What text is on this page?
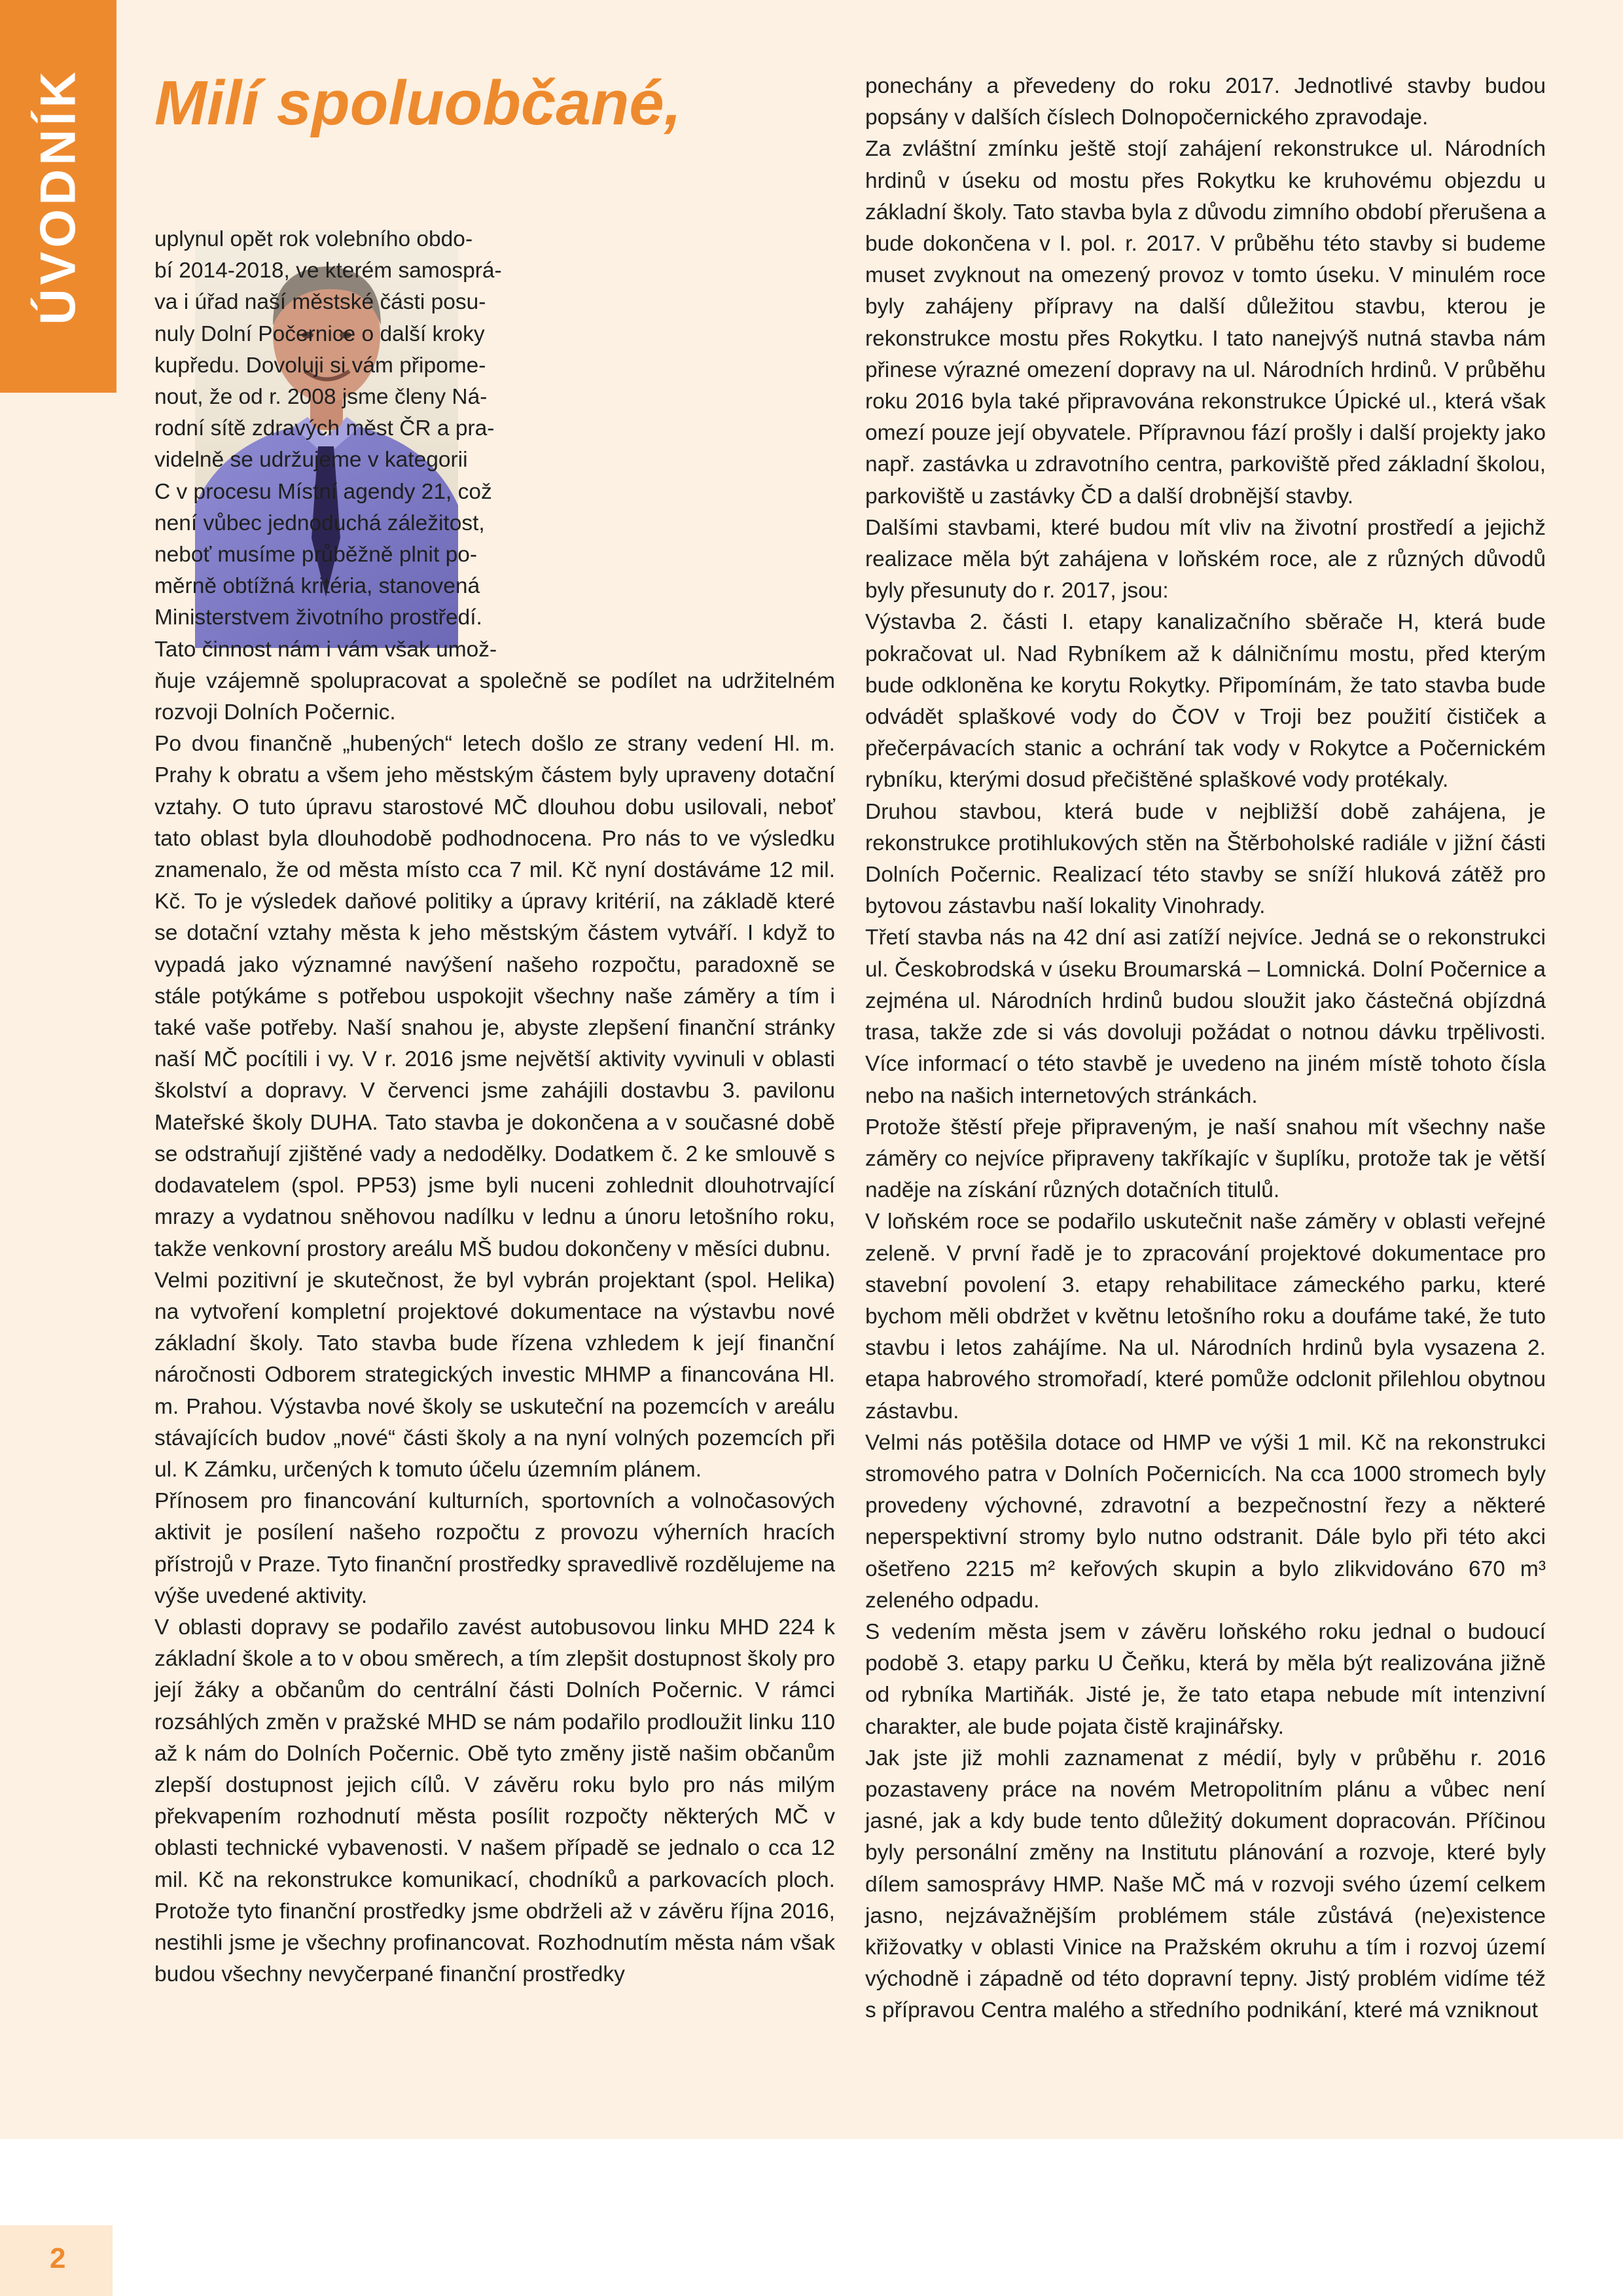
ÚVODNÍK Milí spoluobčané,

uplynul opět rok volebního obdo-

bí 2014-2018, ve kterém samosprá-

va i úřad naší městské části posu-

nuly Dolní Počernice o další kroky

kupředu. Dovoluji si vám připome-

nout, že od r. 2008 jsme členy Ná-

rodní sítě zdravých měst ČR a pra-

videlně se udržujeme v kategorii

C v procesu Místní agendy 21, což

není vůbec jednoduchá záležitost,

neboť musíme průběžně plnit po-

měrně obtížná kritéria, stanovená

Ministerstvem životního prostředí.

Tato činnost nám i vám však umož-

ňuje vzájemně spolupracovat a společně se podílet na udržitelném rozvoji Dolních Počernic.

Po dvou finančně „hubených“ letech došlo ze strany vedení Hl. m. Prahy k obratu a všem jeho městským částem byly upraveny dotační vztahy. O tuto úpravu starostové MČ dlouhou dobu usilovali, neboť tato oblast byla dlouhodobě podhodnocena. Pro nás to ve výsledku znamenalo, že od města místo cca 7 mil. Kč nyní dostáváme 12 mil. Kč. To je výsledek daňové politiky a úpravy kritérií, na základě které se dotační vztahy města k jeho městským částem vytváří. I když to vypadá jako významné navýšení našeho rozpočtu, paradoxně se stále potýkáme s potřebou uspokojit všechny naše záměry a tím i také vaše potřeby. Naší snahou je, abyste zlepšení finanční stránky naší MČ pocítili i vy. V r. 2016 jsme největší aktivity vyvinuli v oblasti školství a dopravy. V červenci jsme zahájili dostavbu 3. pavilonu Mateřské školy DUHA. Tato stavba je dokončena a v současné době se odstraňují zjištěné vady a nedodělky. Dodatkem č. 2 ke smlouvě s dodavatelem (spol. PP53) jsme byli nuceni zohlednit dlouhotrvající mrazy a vydatnou sněhovou nadílku v lednu a únoru letošního roku, takže venkovní prostory areálu MŠ budou dokončeny v měsíci dubnu.

Velmi pozitivní je skutečnost, že byl vybrán projektant (spol. Helika) na vytvoření kompletní projektové dokumentace na výstavbu nové základní školy. Tato stavba bude řízena vzhledem k její finanční náročnosti Odborem strategických investic MHMP a financována Hl. m. Prahou. Výstavba nové školy se uskuteční na pozemcích v areálu stávajících budov „nové“ části školy a na nyní volných pozemcích při ul. K Zámku, určených k tomuto účelu územním plánem.

Přínosem pro financování kulturních, sportovních a volnočasových aktivit je posílení našeho rozpočtu z provozu výherních hracích přístrojů v Praze. Tyto finanční prostředky spravedlivě rozdělujeme na výše uvedené aktivity.

V oblasti dopravy se podařilo zavést autobusovou linku MHD 224 k základní škole a to v obou směrech, a tím zlepšit dostupnost školy pro její žáky a občanům do centrální části Dolních Počernic. V rámci rozsáhlých změn v pražské MHD se nám podařilo prodloužit linku 110 až k nám do Dolních Počernic. Obě tyto změny jistě našim občanům zlepší dostupnost jejich cílů. V závěru roku bylo pro nás milým překvapením rozhodnutí města posílit rozpočty některých MČ v oblasti technické vybavenosti. V našem případě se jednalo o cca 12 mil. Kč na rekonstrukce komunikací, chodníků a parkovacích ploch. Protože tyto finanční prostředky jsme obdrželi až v závěru října 2016, nestihli jsme je všechny profinancovat. Rozhodnutím města nám však budou všechny nevyčerpané finanční prostředky

ponechány a převedeny do roku 2017. Jednotlivé stavby budou popsány v dalších číslech Dolnopočernického zpravodaje.

Za zvláštní zmínku ještě stojí zahájení rekonstrukce ul. Národních hrdinů v úseku od mostu přes Rokytku ke kruhovému objezdu u základní školy. Tato stavba byla z důvodu zimního období přerušena a bude dokončena v I. pol. r. 2017. V průběhu této stavby si budeme muset zvyknout na omezený provoz v tomto úseku. V minulém roce byly zahájeny přípravy na další důležitou stavbu, kterou je rekonstrukce mostu přes Rokytku. I tato nanejvýš nutná stavba nám přinese výrazné omezení dopravy na ul. Národních hrdinů. V průběhu roku 2016 byla také připravována rekonstrukce Úpické ul., která však omezí pouze její obyvatele. Přípravnou fází prošly i další projekty jako např. zastávka u zdravotního centra, parkoviště před základní školou, parkoviště u zastávky ČD a další drobnější stavby.

Dalšími stavbami, které budou mít vliv na životní prostředí a jejichž realizace měla být zahájena v loňském roce, ale z různých důvodů byly přesunuty do r. 2017, jsou:

Výstavba 2. části I. etapy kanalizačního sběrače H, která bude pokračovat ul. Nad Rybníkem až k dálničnímu mostu, před kterým bude odkloněna ke korytu Rokytky. Připomínám, že tato stavba bude odvádět splaškové vody do ČOV v Troji bez použití čističek a přečerpávacích stanic a ochrání tak vody v Rokytce a Počernickém rybníku, kterými dosud přečištěné splaškové vody protékaly.

Druhou stavbou, která bude v nejbližší době zahájena, je rekonstrukce protihlukových stěn na Štěrboholské radiále v jižní části Dolních Počernic. Realizací této stavby se sníží hluková zátěž pro bytovou zástavbu naší lokality Vinohrady.

Třetí stavba nás na 42 dní asi zatíží nejvíce. Jedná se o rekonstrukci ul. Českobrodská v úseku Broumarská – Lomnická. Dolní Počernice a zejména ul. Národních hrdinů budou sloužit jako částečná objízdná trasa, takže zde si vás dovoluji požádat o notnou dávku trpělivosti. Více informací o této stavbě je uvedeno na jiném místě tohoto čísla nebo na našich internetových stránkách.

Protože štěstí přeje připraveným, je naší snahou mít všechny naše záměry co nejvíce připraveny takříkajíc v šuplíku, protože tak je větší naděje na získání různých dotačních titulů.

V loňském roce se podařilo uskutečnit naše záměry v oblasti veřejné zeleně. V první řadě je to zpracování projektové dokumentace pro stavební povolení 3. etapy rehabilitace zámeckého parku, které bychom měli obdržet v květnu letošního roku a doufáme také, že tuto stavbu i letos zahájíme. Na ul. Národních hrdinů byla vysazena 2. etapa habrového stromořadí, které pomůže odclonit přilehlou obytnou zástavbu.

Velmi nás potěšila dotace od HMP ve výši 1 mil. Kč na rekonstrukci stromového patra v Dolních Počernicích. Na cca 1000 stromech byly provedeny výchovné, zdravotní a bezpečnostní řezy a některé neperspektivní stromy bylo nutno odstranit. Dále bylo při této akci ošetřeno 2215 m² keřových skupin a bylo zlikvidováno 670 m³ zeleného odpadu.

S vedením města jsem v závěru loňského roku jednal o budoucí podobě 3. etapy parku U Čeňku, která by měla být realizována jižně od rybníka Martiňák. Jisté je, že tato etapa nebude mít intenzivní charakter, ale bude pojata čistě krajinářsky.

Jak jste již mohli zaznamenat z médií, byly v průběhu r. 2016 pozastaveny práce na novém Metropolitním plánu a vůbec není jasné, jak a kdy bude tento důležitý dokument dopracován. Příčinou byly personální změny na Institutu plánování a rozvoje, které byly dílem samosprávy HMP. Naše MČ má v rozvoji svého území celkem jasno, nejzávažnějším problémem stále zůstává (ne)existence křižovatky v oblasti Vinice na Pražském okruhu a tím i rozvoj území východně i západně od této dopravní tepny. Jistý problém vidíme též s přípravou Centra malého a středního podnikání, které má vzniknout

2
